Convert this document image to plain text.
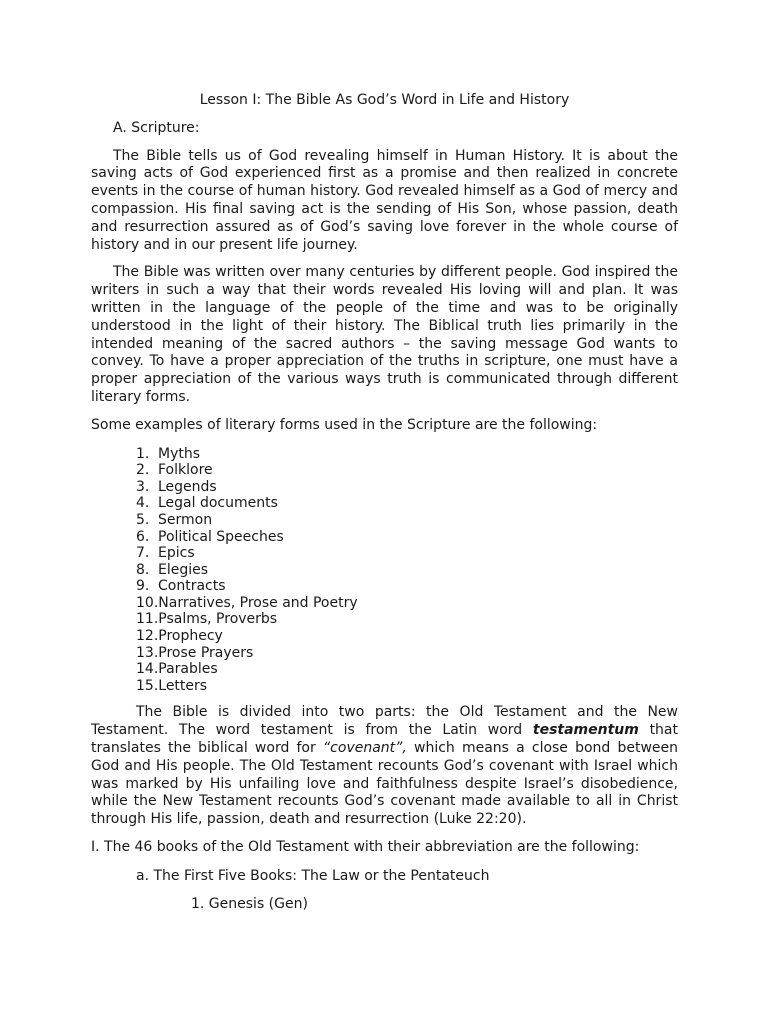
Lesson I: The Bible As God’s Word in Life and History

A. Scripture:

The Bible tells us of God revealing himself in Human History. It is about the saving acts of God experienced first as a promise and then realized in concrete events in the course of human history. God revealed himself as a God of mercy and compassion. His final saving act is the sending of His Son, whose passion, death and resurrection assured as of God’s saving love forever in the whole course of history and in our present life journey.

The Bible was written over many centuries by different people. God inspired the writers in such a way that their words revealed His loving will and plan. It was written in the language of the people of the time and was to be originally understood in the light of their history. The Biblical truth lies primarily in the intended meaning of the sacred authors – the saving message God wants to convey. To have a proper appreciation of the truths in scripture, one must have a proper appreciation of the various ways truth is communicated through different literary forms.

Some examples of literary forms used in the Scripture are the following:

1. Myths
2. Folklore
3. Legends
4. Legal documents
5. Sermon
6. Political Speeches
7. Epics
8. Elegies
9. Contracts
10. Narratives, Prose and Poetry
11. Psalms, Proverbs
12. Prophecy
13. Prose Prayers
14. Parables
15. Letters

The Bible is divided into two parts: the Old Testament and the New Testament. The word testament is from the Latin word testamentum that translates the biblical word for “covenant”, which means a close bond between God and His people. The Old Testament recounts God’s covenant with Israel which was marked by His unfailing love and faithfulness despite Israel’s disobedience, while the New Testament recounts God’s covenant made available to all in Christ through His life, passion, death and resurrection (Luke 22:20).

I. The 46 books of the Old Testament with their abbreviation are the following:

a. The First Five Books: The Law or the Pentateuch

1. Genesis (Gen)
